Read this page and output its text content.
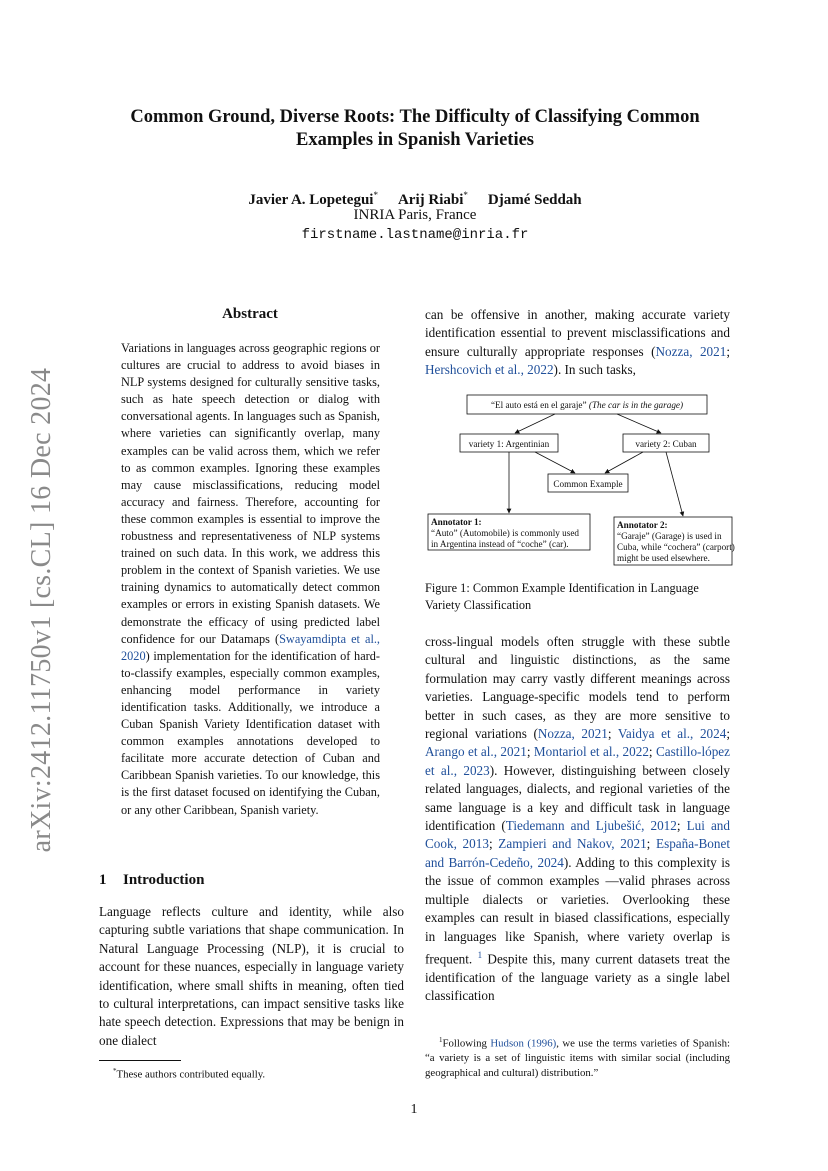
arXiv:2412.11750v1 [cs.CL] 16 Dec 2024
Common Ground, Diverse Roots: The Difficulty of Classifying Common
Examples in Spanish Varieties
Javier A. Lopetegui* Arij Riabi* Djamé Seddah
INRIA Paris, France
firstname.lastname@inria.fr
Abstract
Variations in languages across geographic regions or cultures are crucial to address to avoid biases in NLP systems designed for culturally sensitive tasks, such as hate speech detection or dialog with conversational agents. In languages such as Spanish, where varieties can significantly overlap, many examples can be valid across them, which we refer to as common examples. Ignoring these examples may cause misclassifications, reducing model accuracy and fairness. Therefore, accounting for these common examples is essential to improve the robustness and representativeness of NLP systems trained on such data. In this work, we address this problem in the context of Spanish varieties. We use training dynamics to automatically detect common examples or errors in existing Spanish datasets. We demonstrate the efficacy of using predicted label confidence for our Datamaps (Swayamdipta et al., 2020) implementation for the identification of hard-to-classify examples, especially common examples, enhancing model performance in variety identification tasks. Additionally, we introduce a Cuban Spanish Variety Identification dataset with common examples annotations developed to facilitate more accurate detection of Cuban and Caribbean Spanish varieties. To our knowledge, this is the first dataset focused on identifying the Cuban, or any other Caribbean, Spanish variety.
1 Introduction
Language reflects culture and identity, while also capturing subtle variations that shape communication. In Natural Language Processing (NLP), it is crucial to account for these nuances, especially in language variety identification, where small shifts in meaning, often tied to cultural interpretations, can impact sensitive tasks like hate speech detection. Expressions that may be benign in one dialect
*These authors contributed equally.
can be offensive in another, making accurate variety identification essential to prevent misclassifications and ensure culturally appropriate responses (Nozza, 2021; Hershcovich et al., 2022). In such tasks,
“El auto está en el garaje” (The car is in the garage)
variety 1: Argentinian	variety 2: Cuban
Common Example
Annotator 1:
“Auto” (Automobile) is commonly used
in Argentina instead of “coche” (car).
Annotator 2:
“Garaje” (Garage) is used in
Cuba, while “cochera” (carport)
might be used elsewhere.
Figure 1: Common Example Identification in Language Variety Classification
cross-lingual models often struggle with these subtle cultural and linguistic distinctions, as the same formulation may carry vastly different meanings across varieties. Language-specific models tend to perform better in such cases, as they are more sensitive to regional variations (Nozza, 2021; Vaidya et al., 2024; Arango et al., 2021; Montariol et al., 2022; Castillo-lópez et al., 2023). However, distinguishing between closely related languages, dialects, and regional varieties of the same language is a key and difficult task in language identification (Tiedemann and Ljubešić, 2012; Lui and Cook, 2013; Zampieri and Nakov, 2021; España-Bonet and Barrón-Cedeño, 2024). Adding to this complexity is the issue of common examples —valid phrases across multiple dialects or varieties. Overlooking these examples can result in biased classifications, especially in languages like Spanish, where variety overlap is frequent. $^1$ Despite this, many current datasets treat the identification of the language variety as a single label classification

$^1$Following Hudson (1996), we use the terms varieties of Spanish: “a variety is a set of linguistic items with similar social (including geographical and cultural) distribution.”

1
